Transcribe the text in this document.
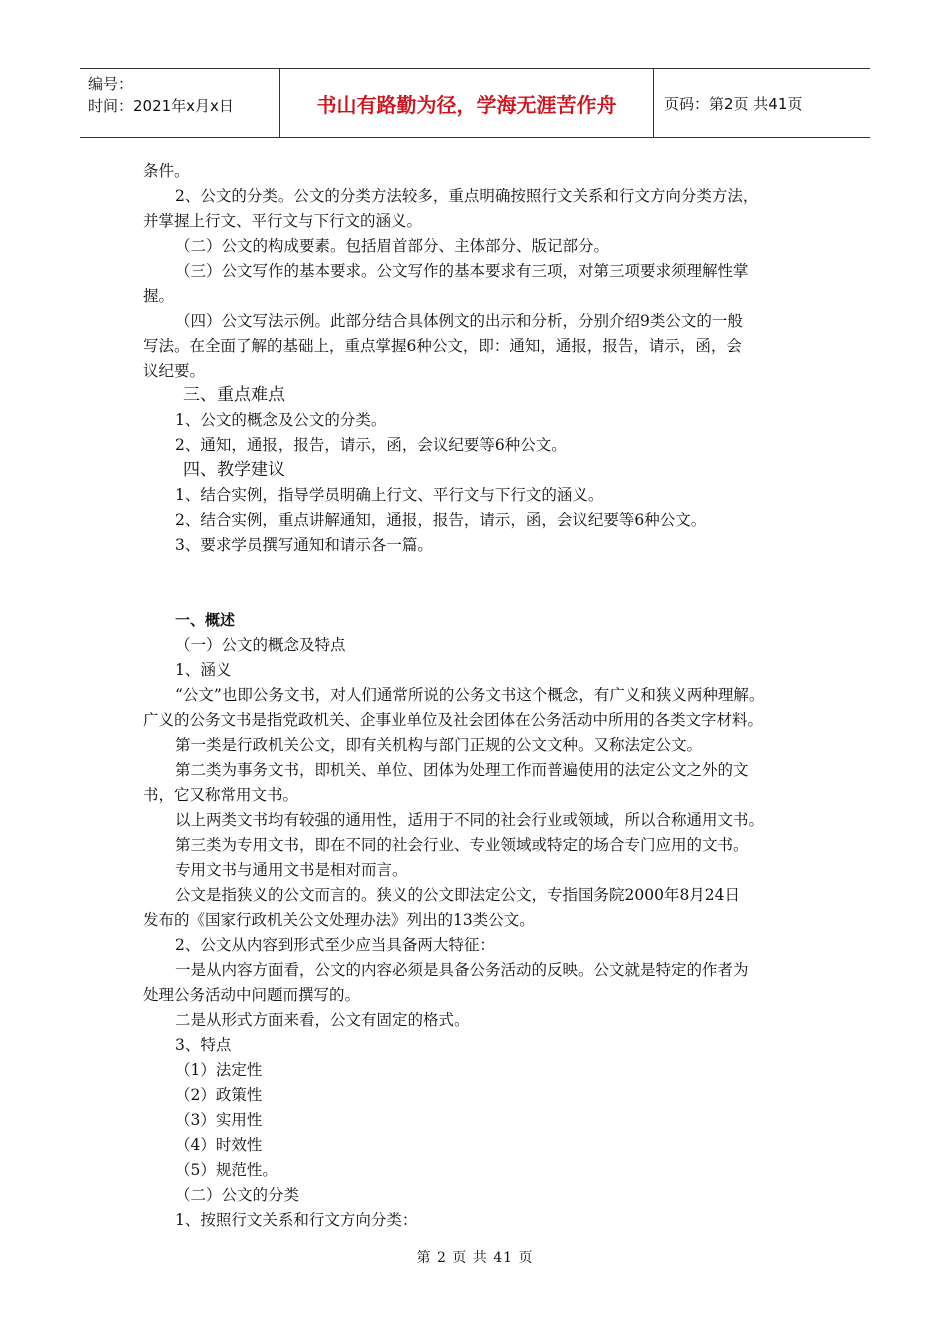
编号：
时间：2021年x月x日	书山有路勤为径，学海无涯苦作舟	页码：第2页 共41页
条件。
2、公文的分类。公文的分类方法较多，重点明确按照行文关系和行文方向分类方法，
并掌握上行文、平行文与下行文的涵义。
（二）公文的构成要素。包括眉首部分、主体部分、版记部分。
（三）公文写作的基本要求。公文写作的基本要求有三项，对第三项要求须理解性掌
握。
（四）公文写法示例。此部分结合具体例文的出示和分析，分别介绍9类公文的一般
写法。在全面了解的基础上，重点掌握6种公文，即：通知，通报，报告，请示，函，会
议纪要。
三、重点难点
1、公文的概念及公文的分类。
2、通知，通报，报告，请示，函，会议纪要等6种公文。
四、教学建议
1、结合实例，指导学员明确上行文、平行文与下行文的涵义。
2、结合实例，重点讲解通知，通报，报告，请示，函，会议纪要等6种公文。
3、要求学员撰写通知和请示各一篇。
一、概述
（一）公文的概念及特点
1、涵义
“公文”也即公务文书，对人们通常所说的公务文书这个概念，有广义和狭义两种理解。
广义的公务文书是指党政机关、企事业单位及社会团体在公务活动中所用的各类文字材料。
第一类是行政机关公文，即有关机构与部门正规的公文文种。又称法定公文。
第二类为事务文书，即机关、单位、团体为处理工作而普遍使用的法定公文之外的文
书，它又称常用文书。
以上两类文书均有较强的通用性，适用于不同的社会行业或领域，所以合称通用文书。
第三类为专用文书，即在不同的社会行业、专业领域或特定的场合专门应用的文书。
专用文书与通用文书是相对而言。
公文是指狭义的公文而言的。狭义的公文即法定公文，专指国务院2000年8月24日
发布的《国家行政机关公文处理办法》列出的13类公文。
2、公文从内容到形式至少应当具备两大特征：
一是从内容方面看，公文的内容必须是具备公务活动的反映。公文就是特定的作者为
处理公务活动中问题而撰写的。
二是从形式方面来看，公文有固定的格式。
3、特点
（1）法定性
（2）政策性
（3）实用性
（4）时效性
（5）规范性。
（二）公文的分类
1、按照行文关系和行文方向分类：
第 2 页 共 41 页
